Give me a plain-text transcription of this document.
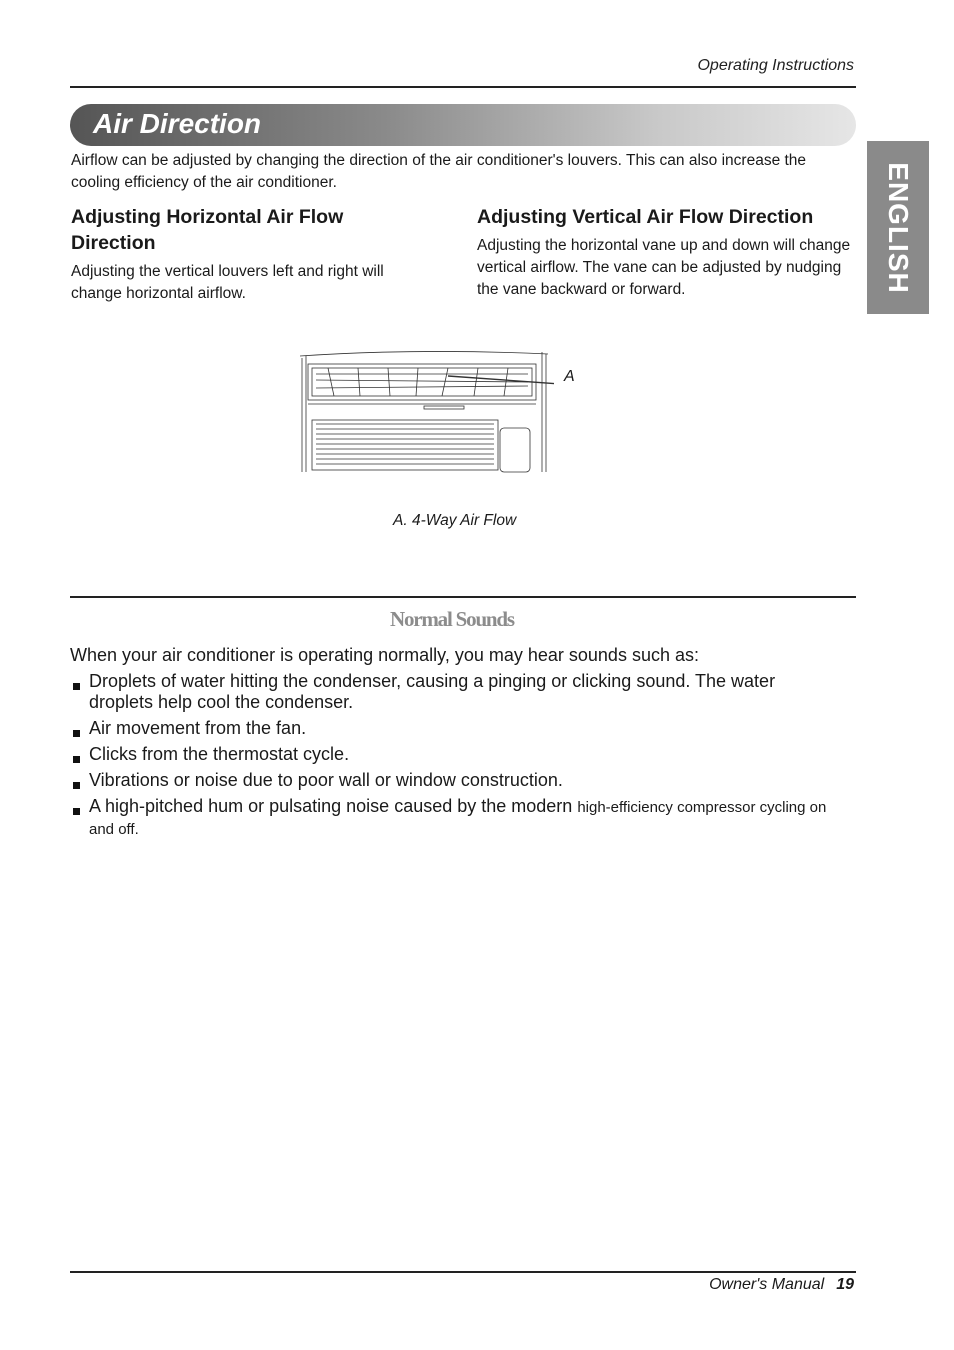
Operating Instructions
Air Direction
ENGLISH
Airflow can be adjusted by changing the direction of the air conditioner's louvers. This can also increase the cooling efficiency of the air conditioner.
Adjusting Horizontal Air Flow Direction
Adjusting the vertical louvers left and right will change horizontal airflow.
Adjusting Vertical Air Flow Direction
Adjusting the horizontal vane up and down will change vertical airflow. The vane can be adjusted by nudging the vane backward or forward.
A
A. 4-Way Air Flow
Normal Sounds
When your air conditioner is operating normally, you may hear sounds such as:
Droplets of water hitting the condenser, causing a pinging or clicking sound. The water droplets help cool the condenser.
Air movement from the fan.
Clicks from the thermostat cycle.
Vibrations or noise due to poor wall or window construction.
A high-pitched hum or pulsating noise caused by the modern high-efficiency compressor cycling on and off.
Owner's Manual 19
